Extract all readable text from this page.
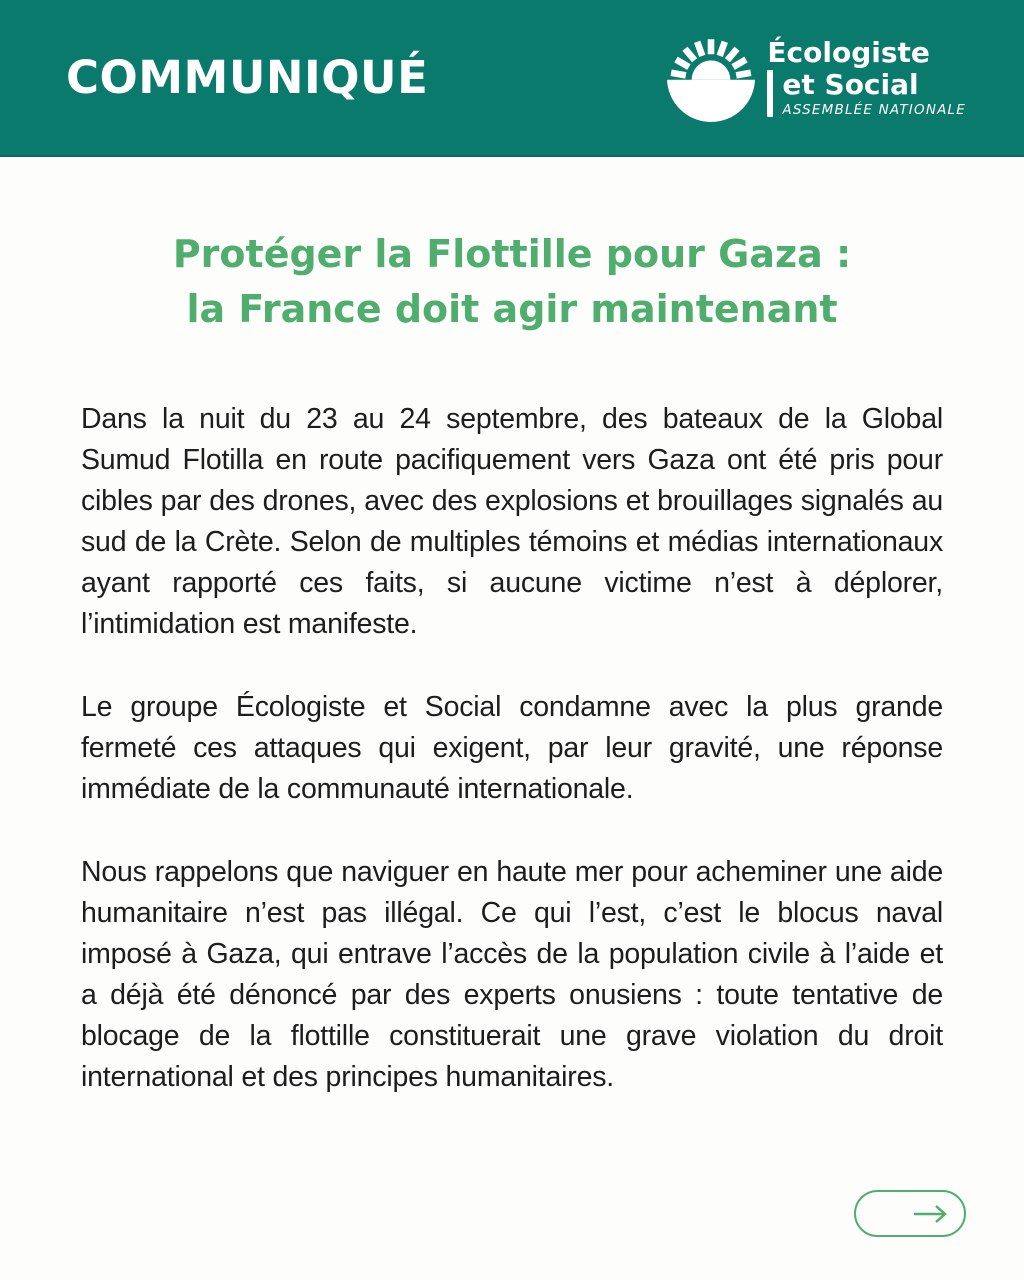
COMMUNIQUÉ	Écologiste
et Social
ASSEMBLÉE NATIONALE
Protéger la Flottille pour Gaza :
la France doit agir maintenant

Dans la nuit du 23 au 24 septembre, des bateaux de la Global Sumud Flotilla en route pacifiquement vers Gaza ont été pris pour cibles par des drones, avec des explosions et brouillages signalés au sud de la Crète. Selon de multiples témoins et médias internationaux ayant rapporté ces faits, si aucune victime n’est à déplorer, l’intimidation est manifeste.

Le groupe Écologiste et Social condamne avec la plus grande fermeté ces attaques qui exigent, par leur gravité, une réponse immédiate de la communauté internationale.

Nous rappelons que naviguer en haute mer pour acheminer une aide humanitaire n’est pas illégal. Ce qui l’est, c’est le blocus naval imposé à Gaza, qui entrave l’accès de la population civile à l’aide et a déjà été dénoncé par des experts onusiens : toute tentative de blocage de la flottille constituerait une grave violation du droit international et des principes humanitaires.
